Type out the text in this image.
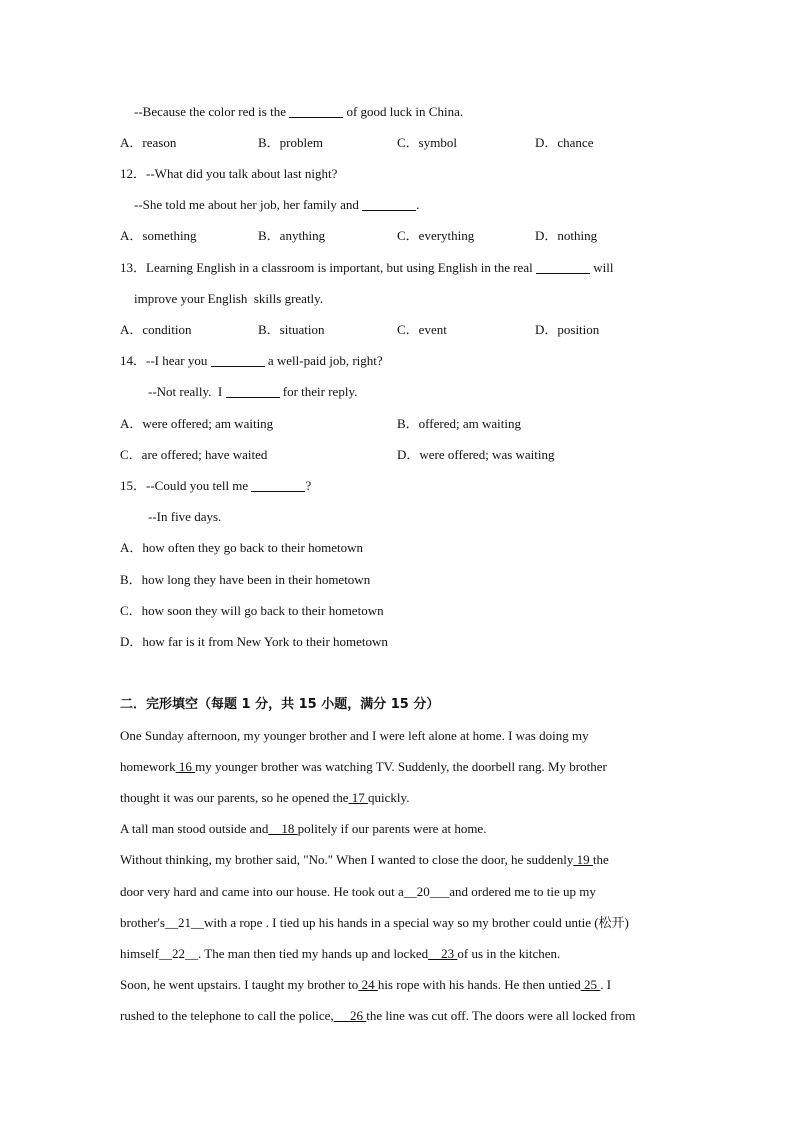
--Because the color red is the	of good luck in China.
A．reason	B．problem	C．symbol	D．chance
12．--What did you talk about last night?
--She told me about her job, her family and	.
A．something	B．anything	C．everything	D．nothing
13．Learning English in a classroom is important, but using English in the real	will
improve your English  skills greatly.
A．condition	B．situation	C．event	D．position
14．--I hear you	a well-paid job, right?
--Not really.  I	for their reply.
A．were offered; am waiting	B．offered; am waiting
C．are offered; have waited	D．were offered; was waiting
15．--Could you tell me	?
--In five days.
A．how often they go back to their hometown
B．how long they have been in their hometown
C．how soon they will go back to their hometown
D．how far is it from New York to their hometown
二．完形填空（每题 1 分，共 15 小题，满分 15 分）
One Sunday afternoon, my younger brother and I were left alone at home. I was doing my
homework 16 my younger brother was watching TV. Suddenly, the doorbell rang. My brother
thought it was our parents, so he opened the 17 quickly.
A tall man stood outside and__18 politely if our parents were at home.
Without thinking, my brother said, "No." When I wanted to close the door, he suddenly 19 the
door very hard and came into our house. He took out a__20___and ordered me to tie up my
brother's__21__with a rope . I tied up his hands in a special way so my brother could untie (松开)
himself__22__. The man then tied my hands up and locked__23 of us in the kitchen.
Soon, he went upstairs. I taught my brother to 24 his rope with his hands. He then untied 25 . I
rushed to the telephone to call the police, __26 the line was cut off. The doors were all locked from
